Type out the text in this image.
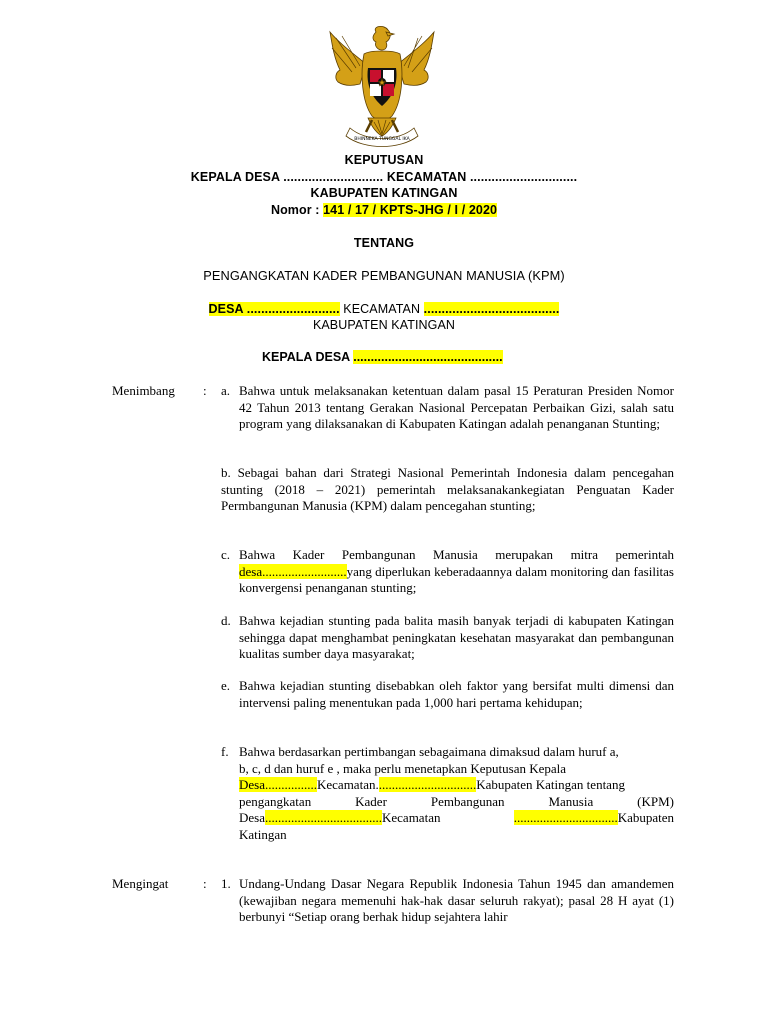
BHINNEKA TUNGGAL IKA
KEPUTUSAN
KEPALA DESA ............................ KECAMATAN ..............................
KABUPATEN KATINGAN
Nomor : 141 / 17 / KPTS-JHG / I / 2020
TENTANG
PENGANGKATAN KADER PEMBANGUNAN MANUSIA (KPM)
DESA .......................... KECAMATAN ......................................
KABUPATEN KATINGAN
KEPALA DESA ...........................................
Menimbang : a. Bahwa untuk melaksanakan ketentuan dalam pasal 15 Peraturan Presiden Nomor 42 Tahun 2013 tentang Gerakan Nasional Percepatan Perbaikan Gizi, salah satu program yang dilaksanakan di Kabupaten Katingan adalah penanganan Stunting;
b. Sebagai bahan dari Strategi Nasional Pemerintah Indonesia dalam pencegahan stunting (2018 – 2021) pemerintah melaksanakankegiatan Penguatan Kader Permbangunan Manusia (KPM) dalam pencegahan stunting;
c. Bahwa Kader Pembangunan Manusia merupakan mitra pemerintah desa..........................yang diperlukan keberadaannya dalam monitoring dan fasilitas konvergensi penanganan stunting;
d. Bahwa kejadian stunting pada balita masih banyak terjadi di kabupaten Katingan sehingga dapat menghambat peningkatan kesehatan masyarakat dan pembangunan kualitas sumber daya masyarakat;
e. Bahwa kejadian stunting disebabkan oleh faktor yang bersifat multi dimensi dan intervensi paling menentukan pada 1,000 hari pertama kehidupan;
f. Bahwa berdasarkan pertimbangan sebagaimana dimaksud dalam huruf a,
b, c, d dan huruf e , maka perlu menetapkan Keputusan Kepala
Desa................Kecamatan...............................Kabupaten Katingan tentang
pengangkatan	Kader	Pembangunan	Manusia	(KPM)
Desa....................................Kecamatan	................................Kabupaten
Katingan
Mengingat	: 1. Undang-Undang Dasar Negara Republik Indonesia Tahun 1945 dan amandemen (kewajiban negara memenuhi hak-hak dasar seluruh rakyat); pasal 28 H ayat (1) berbunyi “Setiap orang berhak hidup sejahtera lahir
